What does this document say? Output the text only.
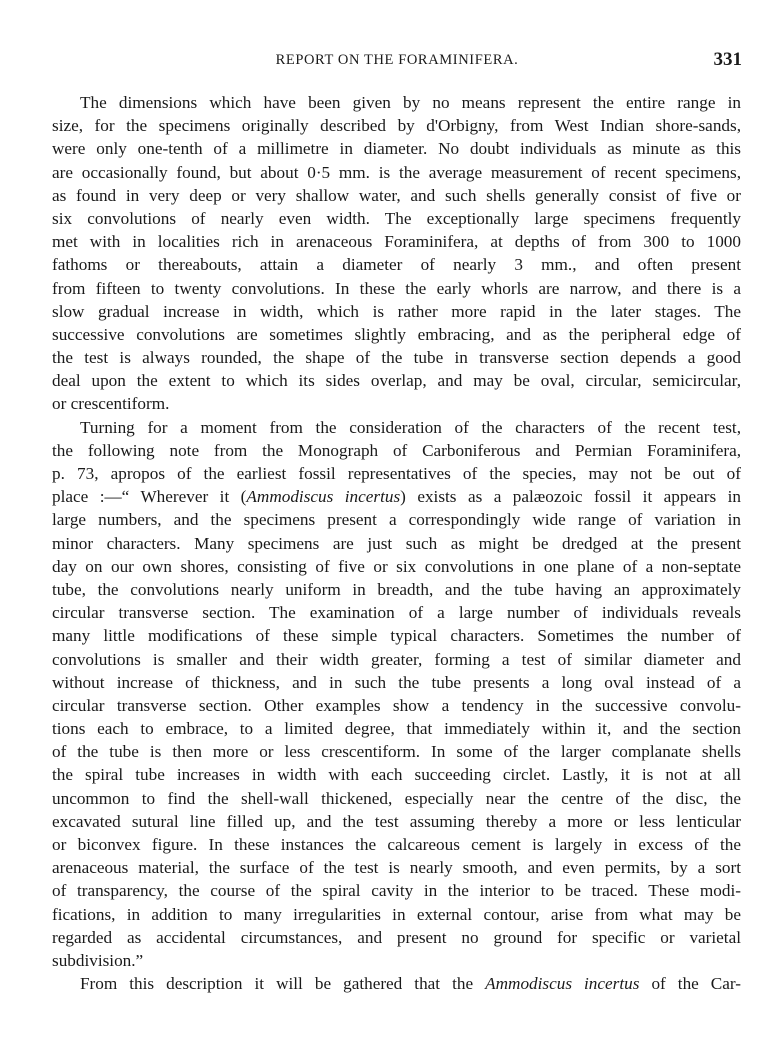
REPORT ON THE FORAMINIFERA.	331
The dimensions which have been given by no means represent the entire range in
size, for the specimens originally described by d'Orbigny, from West Indian shore-sands,
were only one-tenth of a millimetre in diameter. No doubt individuals as minute as this
are occasionally found, but about 0·5 mm. is the average measurement of recent specimens,
as found in very deep or very shallow water, and such shells generally consist of five or
six convolutions of nearly even width. The exceptionally large specimens frequently
met with in localities rich in arenaceous Foraminifera, at depths of from 300 to 1000
fathoms or thereabouts, attain a diameter of nearly 3 mm., and often present
from fifteen to twenty convolutions. In these the early whorls are narrow, and there is a
slow gradual increase in width, which is rather more rapid in the later stages. The
successive convolutions are sometimes slightly embracing, and as the peripheral edge of
the test is always rounded, the shape of the tube in transverse section depends a good
deal upon the extent to which its sides overlap, and may be oval, circular, semicircular,
or crescentiform.
Turning for a moment from the consideration of the characters of the recent test,
the following note from the Monograph of Carboniferous and Permian Foraminifera,
p. 73, apropos of the earliest fossil representatives of the species, may not be out of
place :—“ Wherever it (Ammodiscus incertus) exists as a palæozoic fossil it appears in
large numbers, and the specimens present a correspondingly wide range of variation in
minor characters. Many specimens are just such as might be dredged at the present
day on our own shores, consisting of five or six convolutions in one plane of a non-septate
tube, the convolutions nearly uniform in breadth, and the tube having an approximately
circular transverse section. The examination of a large number of individuals reveals
many little modifications of these simple typical characters. Sometimes the number of
convolutions is smaller and their width greater, forming a test of similar diameter and
without increase of thickness, and in such the tube presents a long oval instead of a
circular transverse section. Other examples show a tendency in the successive convolu-
tions each to embrace, to a limited degree, that immediately within it, and the section
of the tube is then more or less crescentiform. In some of the larger complanate shells
the spiral tube increases in width with each succeeding circlet. Lastly, it is not at all
uncommon to find the shell-wall thickened, especially near the centre of the disc, the
excavated sutural line filled up, and the test assuming thereby a more or less lenticular
or biconvex figure. In these instances the calcareous cement is largely in excess of the
arenaceous material, the surface of the test is nearly smooth, and even permits, by a sort
of transparency, the course of the spiral cavity in the interior to be traced. These modi-
fications, in addition to many irregularities in external contour, arise from what may be
regarded as accidental circumstances, and present no ground for specific or varietal
subdivision.”
From this description it will be gathered that the Ammodiscus incertus of the Car-
